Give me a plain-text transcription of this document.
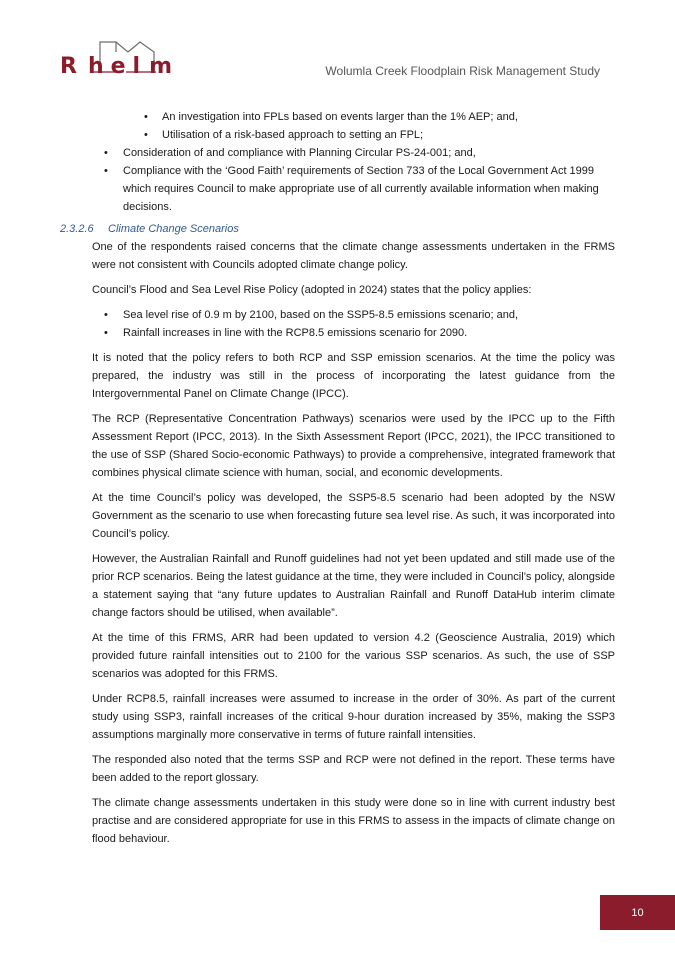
R h e l m	Wolumla Creek Floodplain Risk Management Study
• An investigation into FPLs based on events larger than the 1% AEP; and,
• Utilisation of a risk-based approach to setting an FPL;
• Consideration of and compliance with Planning Circular PS-24-001; and,
• Compliance with the ‘Good Faith’ requirements of Section 733 of the Local Government Act 1999 which requires Council to make appropriate use of all currently available information when making decisions.
2.3.2.6 Climate Change Scenarios

One of the respondents raised concerns that the climate change assessments undertaken in the FRMS were not consistent with Councils adopted climate change policy.

Council’s Flood and Sea Level Rise Policy (adopted in 2024) states that the policy applies:

• Sea level rise of 0.9 m by 2100, based on the SSP5-8.5 emissions scenario; and,
• Rainfall increases in line with the RCP8.5 emissions scenario for 2090.

It is noted that the policy refers to both RCP and SSP emission scenarios. At the time the policy was prepared, the industry was still in the process of incorporating the latest guidance from the Intergovernmental Panel on Climate Change (IPCC).

The RCP (Representative Concentration Pathways) scenarios were used by the IPCC up to the Fifth Assessment Report (IPCC, 2013). In the Sixth Assessment Report (IPCC, 2021), the IPCC transitioned to the use of SSP (Shared Socio-economic Pathways) to provide a comprehensive, integrated framework that combines physical climate science with human, social, and economic developments.

At the time Council’s policy was developed, the SSP5-8.5 scenario had been adopted by the NSW Government as the scenario to use when forecasting future sea level rise. As such, it was incorporated into Council’s policy.

However, the Australian Rainfall and Runoff guidelines had not yet been updated and still made use of the prior RCP scenarios. Being the latest guidance at the time, they were included in Council’s policy, alongside a statement saying that “any future updates to Australian Rainfall and Runoff DataHub interim climate change factors should be utilised, when available”.

At the time of this FRMS, ARR had been updated to version 4.2 (Geoscience Australia, 2019) which provided future rainfall intensities out to 2100 for the various SSP scenarios. As such, the use of SSP scenarios was adopted for this FRMS.

Under RCP8.5, rainfall increases were assumed to increase in the order of 30%. As part of the current study using SSP3, rainfall increases of the critical 9-hour duration increased by 35%, making the SSP3 assumptions marginally more conservative in terms of future rainfall intensities.

The responded also noted that the terms SSP and RCP were not defined in the report. These terms have been added to the report glossary.

The climate change assessments undertaken in this study were done so in line with current industry best practise and are considered appropriate for use in this FRMS to assess in the impacts of climate change on flood behaviour.

10
